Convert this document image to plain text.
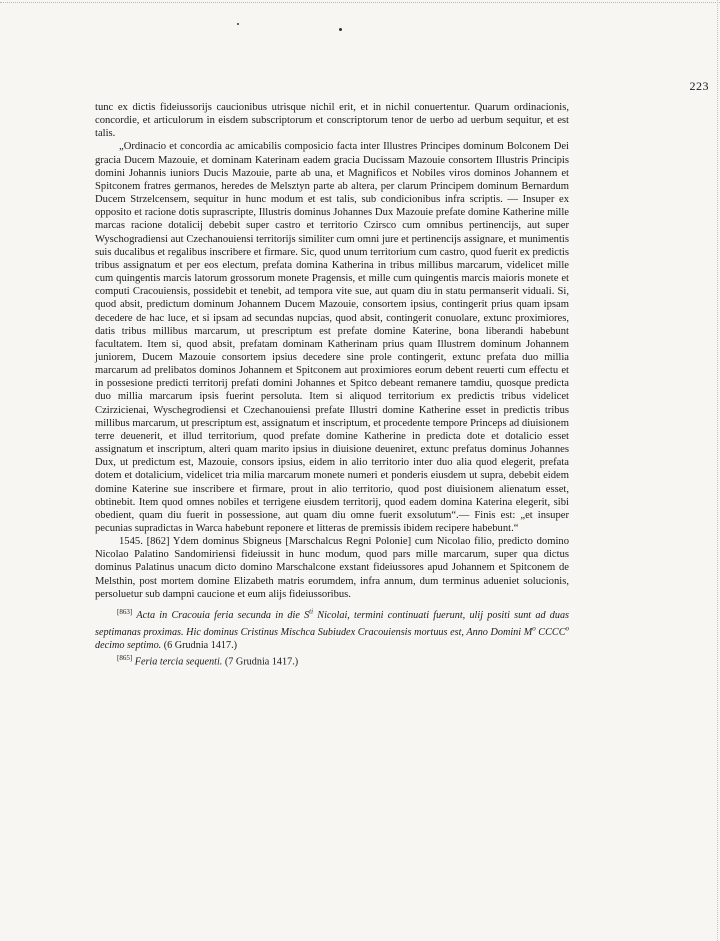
223

tunc ex dictis fideiussorijs caucionibus utrisque nichil erit, et in nichil conuertentur. Quarum ordinacionis, concordie, et articulorum in eisdem subscriptorum et conscriptorum tenor de uerbo ad uerbum sequitur, et est talis.

„Ordinacio et concordia ac amicabilis composicio facta inter Illustres Principes dominum Bolconem Dei gracia Ducem Mazouie, et dominam Katerinam eadem gracia Ducissam Mazouie consortem Illustris Principis domini Johannis iuniors Ducis Mazouie, parte ab una, et Magnificos et Nobiles viros dominos Johannem et Spitconem fratres germanos, heredes de Melsztyn parte ab altera, per clarum Principem dominum Bernardum Ducem Strzelcensem, sequitur in hunc modum et est talis, sub condicionibus infra scriptis. — Insuper ex opposito et racione dotis suprascripte, Illustris dominus Johannes Dux Mazouie prefate domine Katherine mille marcas racione dotalicij debebit super castro et territorio Czirsco cum omnibus pertinencijs, aut super Wyschogradiensi aut Czechanouiensi territorijs similiter cum omni jure et pertinencijs assignare, et munimentis suis ducalibus et regalibus inscribere et firmare. Sic, quod unum territorium cum castro, quod fuerit ex predictis tribus assignatum et per eos electum, prefata domina Katherina in tribus millibus marcarum, videlicet mille cum quingentis marcis latorum grossorum monete Pragensis, et mille cum quingentis marcis maioris monete et computi Cracouiensis, possidebit et tenebit, ad tempora vite sue, aut quam diu in statu permanserit viduali. Si, quod absit, predictum dominum Johannem Ducem Mazouie, consortem ipsius, contingerit prius quam ipsam decedere de hac luce, et si ipsam ad secundas nupcias, quod absit, contingerit conuolare, extunc proximiores, datis tribus millibus marcarum, ut prescriptum est prefate domine Katerine, bona liberandi habebunt facultatem. Item si, quod absit, prefatam dominam Katherinam prius quam Illustrem dominum Johannem juniorem, Ducem Mazouie consortem ipsius decedere sine prole contingerit, extunc prefata duo millia marcarum ad prelibatos dominos Johannem et Spitconem aut proximiores eorum debent reuerti cum effectu et in possesione predicti territorij prefati domini Johannes et Spitco debeant remanere tamdiu, quosque predicta duo millia marcarum ipsis fuerint persoluta. Item si aliquod territorium ex predictis tribus videlicet Czirzicienai, Wyschegrodiensi et Czechanouiensi prefate Illustri domine Katherine esset in predictis tribus millibus marcarum, ut prescriptum est, assignatum et inscriptum, et procedente tempore Princeps ad diuisionem terre deuenerit, et illud territorium, quod prefate domine Katherine in predicta dote et dotalicio esset assignatum et inscriptum, alteri quam marito ipsius in diuisione deueniret, extunc prefatus dominus Johannes Dux, ut predictum est, Mazouie, consors ipsius, eidem in alio territorio inter duo alia quod elegerit, prefata dotem et dotalicium, videlicet tria milia marcarum monete numeri et ponderis eiusdem ut supra, debebit eidem domine Katerine sue inscribere et firmare, prout in alio territorio, quod post diuisionem alienatum esset, obtinebit. Item quod omnes nobiles et terrigene eiusdem territorij, quod eadem domina Katerina elegerit, sibi obedient, quam diu fuerit in possessione, aut quam diu omne fuerit exsolutum“.— Finis est: „et insuper pecunias supradictas in Warca habebunt reponere et litteras de premissis ibidem recipere habebunt.“

1545. [862] Ydem dominus Sbigneus [Marschalcus Regni Polonie] cum Nicolao filio, predicto domino Nicolao Palatino Sandomiriensi fideiussit in hunc modum, quod pars mille marcarum, super qua dictus dominus Palatinus unacum dicto domino Marschalcone exstant fideiussores apud Johannem et Spitconem de Melsthin, post mortem domine Elizabeth matris eorumdem, infra annum, dum terminus adueniet solucionis, persoluetur sub dampni caucione et eum alijs fideiussoribus.

[863] Acta in Cracouia feria secunda in die $S^{ti}$ Nicolai, termini continuati fuerunt, ulij positi sunt ad duas septimanas proximas. Hic dominus Cristinus Mischca Subiudex Cracouiensis mortuus est, Anno Domini $M^o$ CCCC$^o$ decimo septimo. (6 Grudnia 1417.)

[865] Feria tercia sequenti. (7 Grudnia 1417.)
